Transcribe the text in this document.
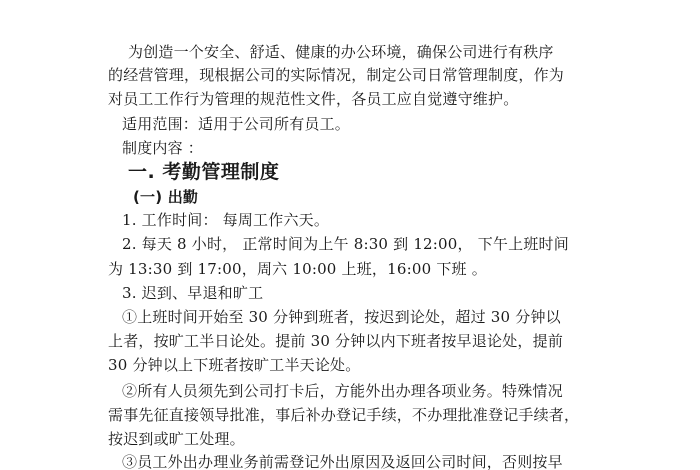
为创造一个安全、舒适、健康的办公环境，确保公司进行有秩序
的经营管理，现根据公司的实际情况，制定公司日常管理制度，作为
对员工工作行为管理的规范性文件，各员工应自觉遵守维护。
适用范围：适用于公司所有员工。
制度内容 ：
一. 考勤管理制度
(一) 出勤
1. 工作时间： 每周工作六天。
2. 每天 8 小时， 正常时间为上午 8:30 到 12:00， 下午上班时间
为 13:30 到 17:00，周六 10:00 上班，16:00 下班 。
3. 迟到、早退和旷工
①上班时间开始至 30 分钟到班者，按迟到论处，超过 30 分钟以
上者，按旷工半日论处。提前 30 分钟以内下班者按早退论处，提前
30 分钟以上下班者按旷工半天论处。
②所有人员须先到公司打卡后，方能外出办理各项业务。特殊情况
需事先征直接领导批准，事后补办登记手续，不办理批准登记手续者，
按迟到或旷工处理。
③员工外出办理业务前需登记外出原因及返回公司时间，否则按早
